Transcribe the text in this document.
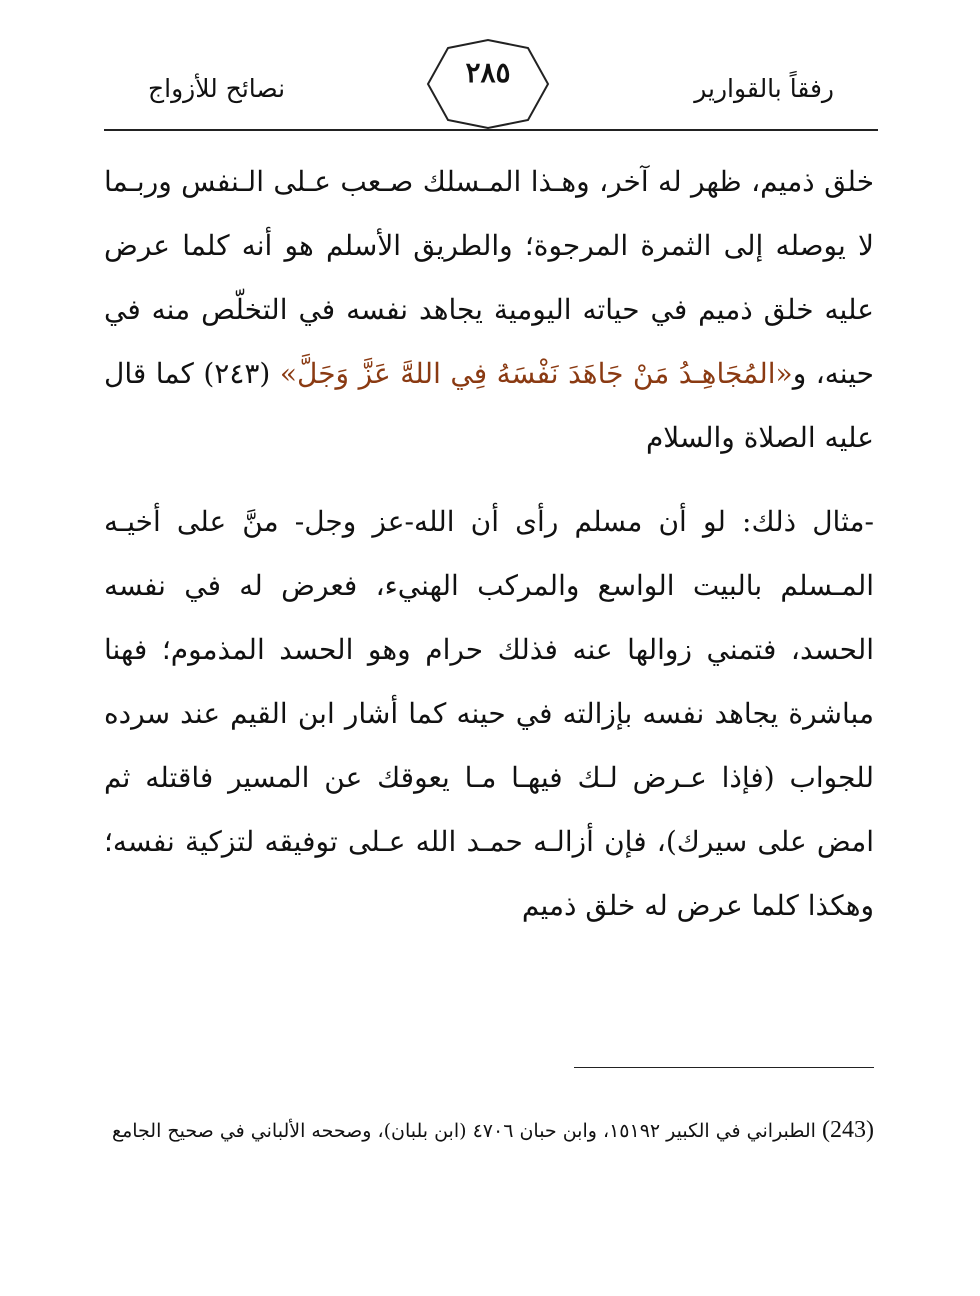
رفقاً بالقوارير
٢٨٥
نصائح للأزواج

خلق ذميم، ظهر له آخر، وهـذا المـسلك صـعب عـلى الـنفس وربـما لا يوصله إلى الثمرة المرجوة؛ والطريق الأسلم هو أنه كلما عرض عليه خلق ذميم في حياته اليومية يجاهد نفسه في التخلّص منه في حينه، و«المُجَاهِـدُ مَنْ جَاهَدَ نَفْسَهُ فِي اللهَّ عَزَّ وَجَلَّ» (٢٤٣) كما قال عليه الصلاة والسلام

-مثال ذلك: لو أن مسلم رأى أن الله-عز وجل- منَّ على أخيـه المـسلم بالبيت الواسع والمركب الهنيء، فعرض له في نفسه الحسد، فتمني زوالها عنه فذلك حرام وهو الحسد المذموم؛ فهنا مباشرة يجاهد نفسه بإزالته في حينه كما أشار ابن القيم عند سرده للجواب (فإذا عـرض لـك فيهـا مـا يعوقك عن المسير فاقتله ثم امض على سيرك)، فإن أزالـه حمـد الله عـلى توفيقه لتزكية نفسه؛ وهكذا كلما عرض له خلق ذميم

(243) الطبراني في الكبير ١٥١٩٢، وابن حبان ٤٧٠٦ (ابن بلبان)، وصححه الألباني في صحيح الجامع
